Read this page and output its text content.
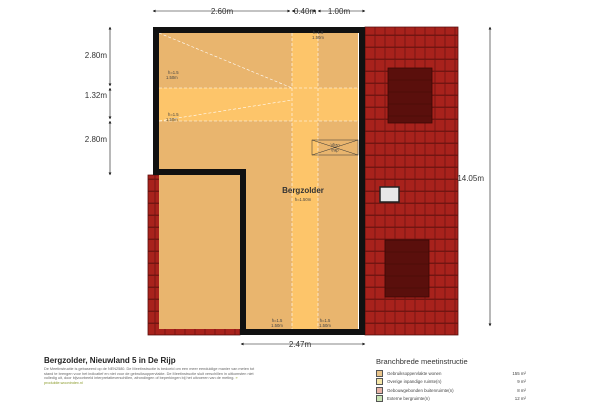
Vlizo
trap
h=1.5
1.50m
h=1.5
1.50m
h=1.5
1.50m
h=1.5
1.50m
h=1.5
1.50m
Bergzolder
h=1.50m
2.60m	0.40m 1.00m
2.80m
1.32m
2.80m
14.05m
2.47m
Bergzolder, Nieuwland 5 in De Rijp
De Meetinstructie is gebaseerd op de NEN2580. De Meetinstructie is bedoeld om een meer eenduidige manier van meten tot stand te brengen voor het indicatief en niet voor de gebruiksoppervlakte. De Meetinstructie sluit verschillen in uitkomsten niet volledig uit, door bijvoorbeeld interpretatieverschillen, afrondingen of beperkingen bij het uitvoeren van de meting. » produktie.woonindex.nl
Branchbrede meetinstructie
Gebruiksoppervlakte wonen	155 m²
Overige inpandige ruimte(n)	9 m²
Gebouwgebonden buitenruimte(n)	8 m²
Externe bergruimte(n)	12 m²
